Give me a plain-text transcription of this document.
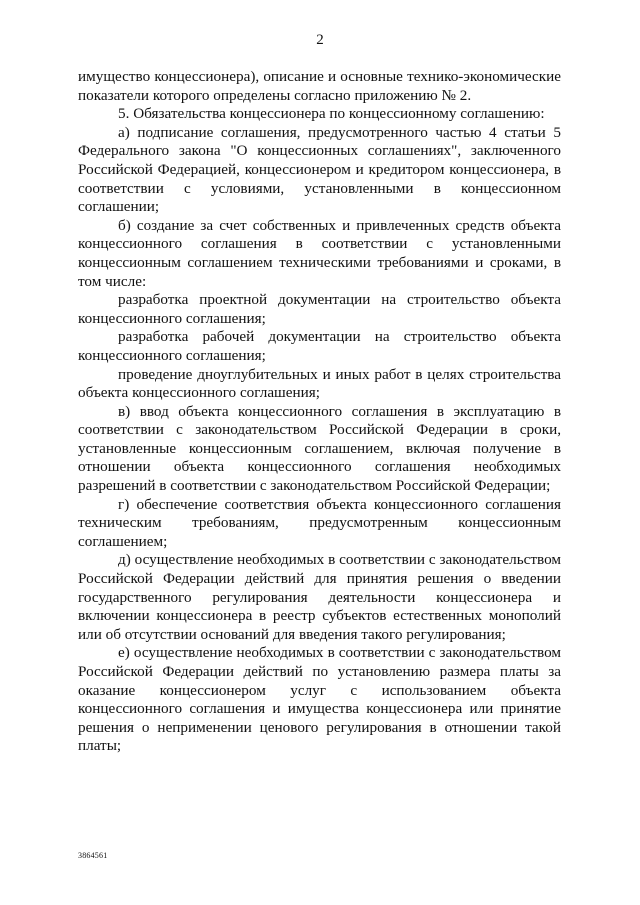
2

имущество концессионера), описание и основные технико-экономические показатели которого определены согласно приложению № 2.

5. Обязательства концессионера по концессионному соглашению:

а) подписание соглашения, предусмотренного частью 4 статьи 5 Федерального закона "О концессионных соглашениях", заключенного Российской Федерацией, концессионером и кредитором концессионера, в соответствии с условиями, установленными в концессионном соглашении;

б) создание за счет собственных и привлеченных средств объекта концессионного соглашения в соответствии с установленными концессионным соглашением техническими требованиями и сроками, в том числе:

разработка проектной документации на строительство объекта концессионного соглашения;

разработка рабочей документации на строительство объекта концессионного соглашения;

проведение дноуглубительных и иных работ в целях строительства объекта концессионного соглашения;

в) ввод объекта концессионного соглашения в эксплуатацию в соответствии с законодательством Российской Федерации в сроки, установленные концессионным соглашением, включая получение в отношении объекта концессионного соглашения необходимых разрешений в соответствии с законодательством Российской Федерации;

г) обеспечение соответствия объекта концессионного соглашения техническим требованиям, предусмотренным концессионным соглашением;

д) осуществление необходимых в соответствии с законодательством Российской Федерации действий для принятия решения о введении государственного регулирования деятельности концессионера и включении концессионера в реестр субъектов естественных монополий или об отсутствии оснований для введения такого регулирования;

е) осуществление необходимых в соответствии с законодательством Российской Федерации действий по установлению размера платы за оказание концессионером услуг с использованием объекта концессионного соглашения и имущества концессионера или принятие решения о неприменении ценового регулирования в отношении такой платы;

3864561
